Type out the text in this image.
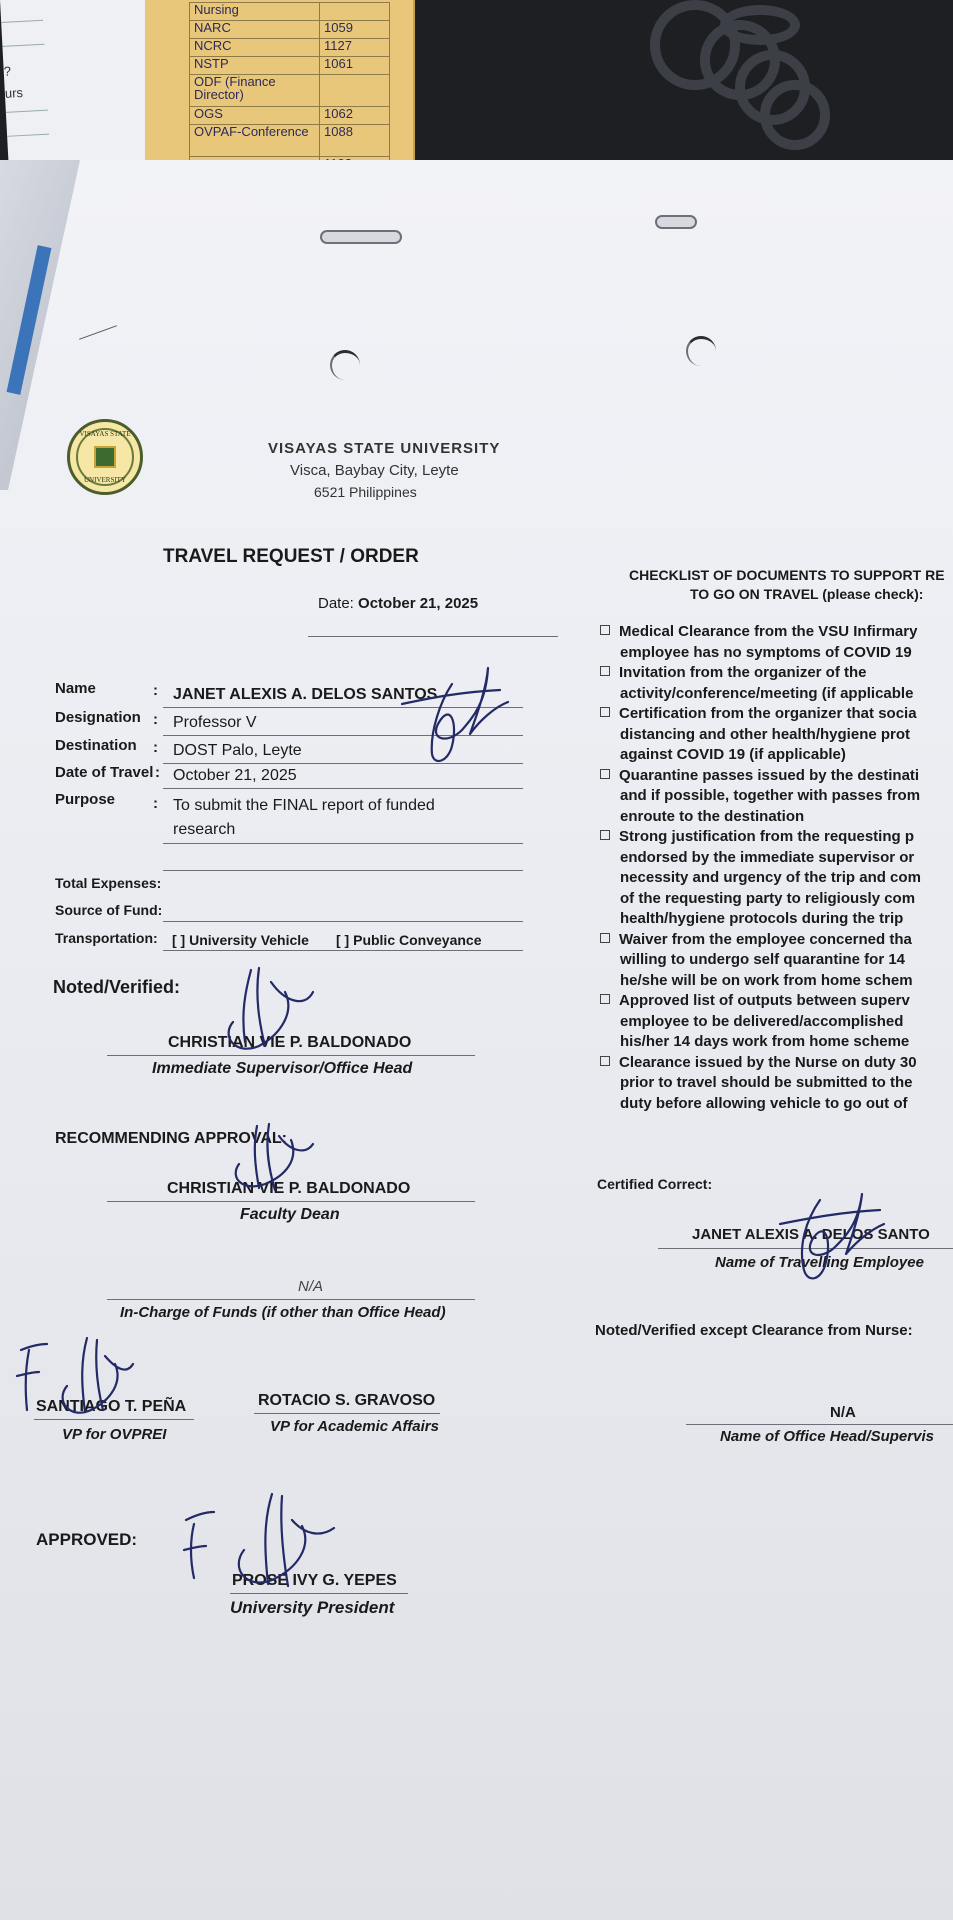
?
urs
Nursing	
NARC	1059
NCRC	1127
NSTP	1061
ODF (Finance Director)	
OGS	1062
OVPAF-Conference	1088

VISAYAS STATE
UNIVERSITY
VISAYAS STATE UNIVERSITY
Visca, Baybay City, Leyte
6521 Philippines
TRAVEL REQUEST / ORDER
Date: October 21, 2025
Name	: JANET ALEXIS A. DELOS SANTOS
Designation : Professor V
Destination : DOST Palo, Leyte
Date of Travel : October 21, 2025
Purpose	: To submit the FINAL report of funded
research
Total Expenses:
Source of Fund:
Transportation: [ ] University Vehicle [ ] Public Conveyance
Noted/Verified:
CHRISTIAN VIE P. BALDONADO
Immediate Supervisor/Office Head
RECOMMENDING APPROVAL:
CHRISTIAN VIE P. BALDONADO
Faculty Dean
N/A
In-Charge of Funds (if other than Office Head)
SANTIAGO T. PEÑA
VP for OVPREI
ROTACIO S. GRAVOSO
VP for Academic Affairs
APPROVED:
PROSE IVY G. YEPES
University President
CHECKLIST OF DOCUMENTS TO SUPPORT RE
TO GO ON TRAVEL (please check):
Medical Clearance from the VSU Infirmary
employee has no symptoms of COVID 19
Invitation from the organizer of the
activity/conference/meeting (if applicable
Certification from the organizer that socia
distancing and other health/hygiene prot
against COVID 19 (if applicable)
Quarantine passes issued by the destinati
and if possible, together with passes from
enroute to the destination
Strong justification from the requesting p
endorsed by the immediate supervisor or
necessity and urgency of the trip and com
of the requesting party to religiously com
health/hygiene protocols during the trip
Waiver from the employee concerned tha
willing to undergo self quarantine for 14
he/she will be on work from home schem
Approved list of outputs between superv
employee to be delivered/accomplished
his/her 14 days work from home scheme
Clearance issued by the Nurse on duty 30
prior to travel should be submitted to the
duty before allowing vehicle to go out of
Certified Correct:
JANET ALEXIS A. DELOS SANTO
Name of Travelling Employee
Noted/Verified except Clearance from Nurse:
N/A
Name of Office Head/Supervis
